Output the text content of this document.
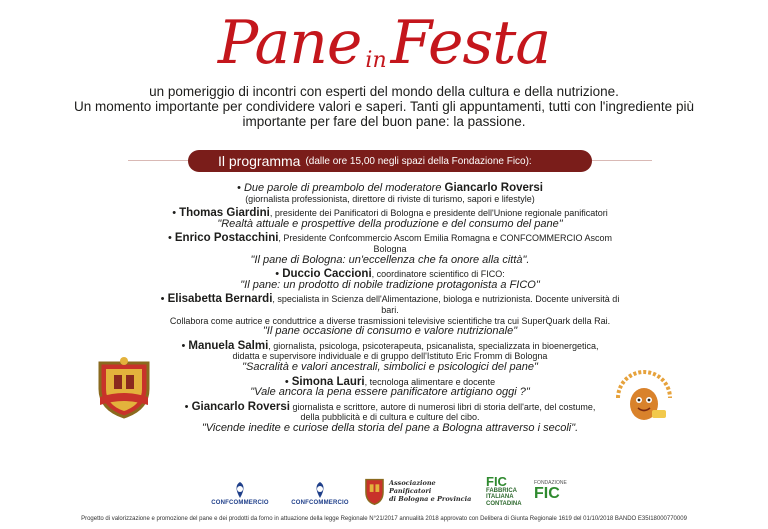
Pane inFesta
un pomeriggio di incontri con esperti del mondo della cultura e della nutrizione.
Un momento importante per condividere valori e saperi. Tanti gli appuntamenti, tutti con l'ingrediente più
importante per fare del buon pane: la passione.
Il programma (dalle ore 15,00 negli spazi della Fondazione Fico):
• Due parole di preambolo del moderatore Giancarlo Roversi
(giornalista professionista, direttore di riviste di turismo, sapori e lifestyle)
• Thomas Giardini, presidente dei Panificatori di Bologna e presidente dell'Unione regionale panificatori
"Realtà attuale e prospettive della produzione e del consumo del pane"
• Enrico Postacchini, Presidente Confcommercio Ascom Emilia Romagna e CONFCOMMERCIO Ascom Bologna
"Il pane di Bologna: un'eccellenza che fa onore alla città".
• Duccio Caccioni, coordinatore scientifico di FICO:
"Il pane: un prodotto di nobile tradizione protagonista a FICO"
• Elisabetta Bernardi, specialista in Scienza dell'Alimentazione, biologa e nutrizionista. Docente università di bari.
Collabora come autrice e conduttrice a diverse trasmissioni televisive scientifiche tra cui SuperQuark della Rai.
"Il pane occasione di consumo e valore nutrizionale"
• Manuela Salmi, giornalista, psicologa, psicoterapeuta, psicanalista, specializzata in bioenergetica,
didatta e supervisore individuale e di gruppo dell'Istituto Eric Fromm di Bologna
"Sacralità e valori ancestrali, simbolici e psicologici del pane"
• Simona Lauri, tecnologa alimentare e docente
"Vale ancora la pena essere panificatore artigiano oggi ?"
• Giancarlo Roversi giornalista e scrittore, autore di numerosi libri di storia dell'arte, del costume,
della pubblicità e di cultura e culture del cibo.
"Vicende inedite e curiose della storia del pane a Bologna attraverso i secoli".
CONFCOMMERCIO	CONFCOMMERCIO
Associazione Panificatori
di Bologna e Provincia
FIC
FABBRICA
ITALIANA
CONTADINA
FONDAZIONE
FIC
Progetto di valorizzazione e promozione del pane e dei prodotti da forno in attuazione della legge Regionale N°21/2017 annualità 2018 approvato con Delibera di Giunta Regionale 1619 del 01/10/2018 BANDO E35I18000770009
